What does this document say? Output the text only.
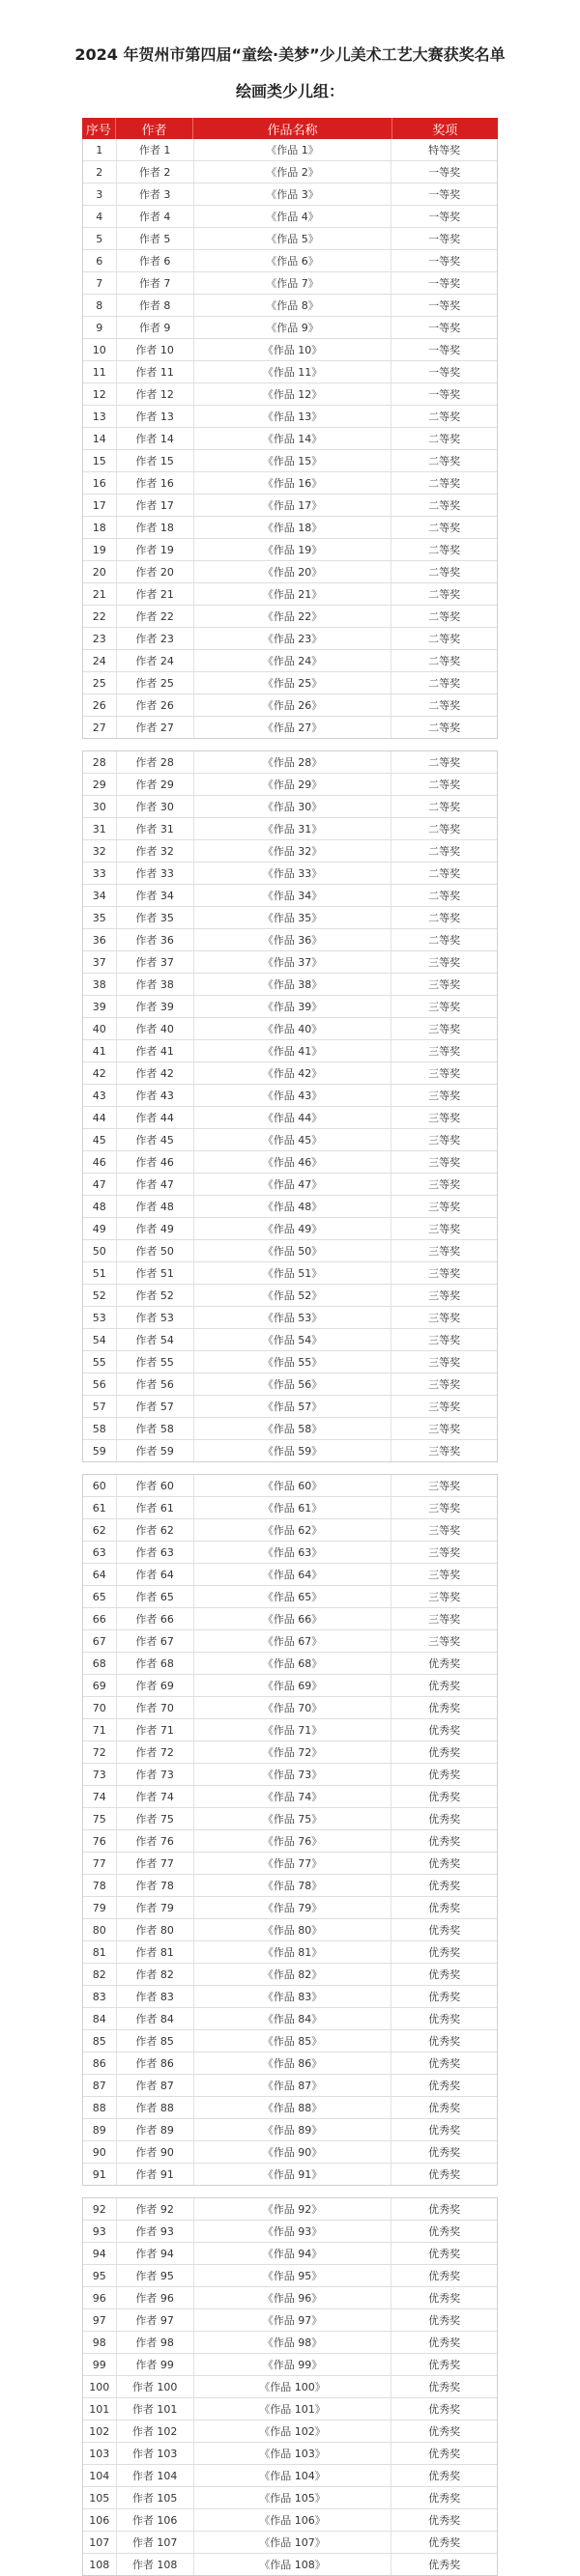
2024 年贺州市第四届“童绘·美梦”少儿美术工艺大赛获奖名单
绘画类少儿组：
序号	作者	作品名称	奖项
1	作者 1	《作品 1》	特等奖
2	作者 2	《作品 2》	一等奖
3	作者 3	《作品 3》	一等奖
4	作者 4	《作品 4》	一等奖
5	作者 5	《作品 5》	一等奖
6	作者 6	《作品 6》	一等奖
7	作者 7	《作品 7》	一等奖
8	作者 8	《作品 8》	一等奖
9	作者 9	《作品 9》	一等奖
10	作者 10	《作品 10》	一等奖
11	作者 11	《作品 11》	一等奖
12	作者 12	《作品 12》	一等奖
13	作者 13	《作品 13》	二等奖
14	作者 14	《作品 14》	二等奖
15	作者 15	《作品 15》	二等奖
16	作者 16	《作品 16》	二等奖
17	作者 17	《作品 17》	二等奖
18	作者 18	《作品 18》	二等奖
19	作者 19	《作品 19》	二等奖
20	作者 20	《作品 20》	二等奖
21	作者 21	《作品 21》	二等奖
22	作者 22	《作品 22》	二等奖
23	作者 23	《作品 23》	二等奖
24	作者 24	《作品 24》	二等奖
25	作者 25	《作品 25》	二等奖
26	作者 26	《作品 26》	二等奖
27	作者 27	《作品 27》	二等奖
28	作者 28	《作品 28》	二等奖
29	作者 29	《作品 29》	二等奖
30	作者 30	《作品 30》	二等奖
31	作者 31	《作品 31》	二等奖
32	作者 32	《作品 32》	二等奖
33	作者 33	《作品 33》	二等奖
34	作者 34	《作品 34》	二等奖
35	作者 35	《作品 35》	二等奖
36	作者 36	《作品 36》	二等奖
37	作者 37	《作品 37》	三等奖
38	作者 38	《作品 38》	三等奖
39	作者 39	《作品 39》	三等奖
40	作者 40	《作品 40》	三等奖
41	作者 41	《作品 41》	三等奖
42	作者 42	《作品 42》	三等奖
43	作者 43	《作品 43》	三等奖
44	作者 44	《作品 44》	三等奖
45	作者 45	《作品 45》	三等奖
46	作者 46	《作品 46》	三等奖
47	作者 47	《作品 47》	三等奖
48	作者 48	《作品 48》	三等奖
49	作者 49	《作品 49》	三等奖
50	作者 50	《作品 50》	三等奖
51	作者 51	《作品 51》	三等奖
52	作者 52	《作品 52》	三等奖
53	作者 53	《作品 53》	三等奖
54	作者 54	《作品 54》	三等奖
55	作者 55	《作品 55》	三等奖
56	作者 56	《作品 56》	三等奖
57	作者 57	《作品 57》	三等奖
58	作者 58	《作品 58》	三等奖
59	作者 59	《作品 59》	三等奖
60	作者 60	《作品 60》	三等奖
61	作者 61	《作品 61》	三等奖
62	作者 62	《作品 62》	三等奖
63	作者 63	《作品 63》	三等奖
64	作者 64	《作品 64》	三等奖
65	作者 65	《作品 65》	三等奖
66	作者 66	《作品 66》	三等奖
67	作者 67	《作品 67》	三等奖
68	作者 68	《作品 68》	优秀奖
69	作者 69	《作品 69》	优秀奖
70	作者 70	《作品 70》	优秀奖
71	作者 71	《作品 71》	优秀奖
72	作者 72	《作品 72》	优秀奖
73	作者 73	《作品 73》	优秀奖
74	作者 74	《作品 74》	优秀奖
75	作者 75	《作品 75》	优秀奖
76	作者 76	《作品 76》	优秀奖
77	作者 77	《作品 77》	优秀奖
78	作者 78	《作品 78》	优秀奖
79	作者 79	《作品 79》	优秀奖
80	作者 80	《作品 80》	优秀奖
81	作者 81	《作品 81》	优秀奖
82	作者 82	《作品 82》	优秀奖
83	作者 83	《作品 83》	优秀奖
84	作者 84	《作品 84》	优秀奖
85	作者 85	《作品 85》	优秀奖
86	作者 86	《作品 86》	优秀奖
87	作者 87	《作品 87》	优秀奖
88	作者 88	《作品 88》	优秀奖
89	作者 89	《作品 89》	优秀奖
90	作者 90	《作品 90》	优秀奖
91	作者 91	《作品 91》	优秀奖
92	作者 92	《作品 92》	优秀奖
93	作者 93	《作品 93》	优秀奖
94	作者 94	《作品 94》	优秀奖
95	作者 95	《作品 95》	优秀奖
96	作者 96	《作品 96》	优秀奖
97	作者 97	《作品 97》	优秀奖
98	作者 98	《作品 98》	优秀奖
99	作者 99	《作品 99》	优秀奖
100	作者 100	《作品 100》	优秀奖
101	作者 101	《作品 101》	优秀奖
102	作者 102	《作品 102》	优秀奖
103	作者 103	《作品 103》	优秀奖
104	作者 104	《作品 104》	优秀奖
105	作者 105	《作品 105》	优秀奖
106	作者 106	《作品 106》	优秀奖
107	作者 107	《作品 107》	优秀奖
108	作者 108	《作品 108》	优秀奖
